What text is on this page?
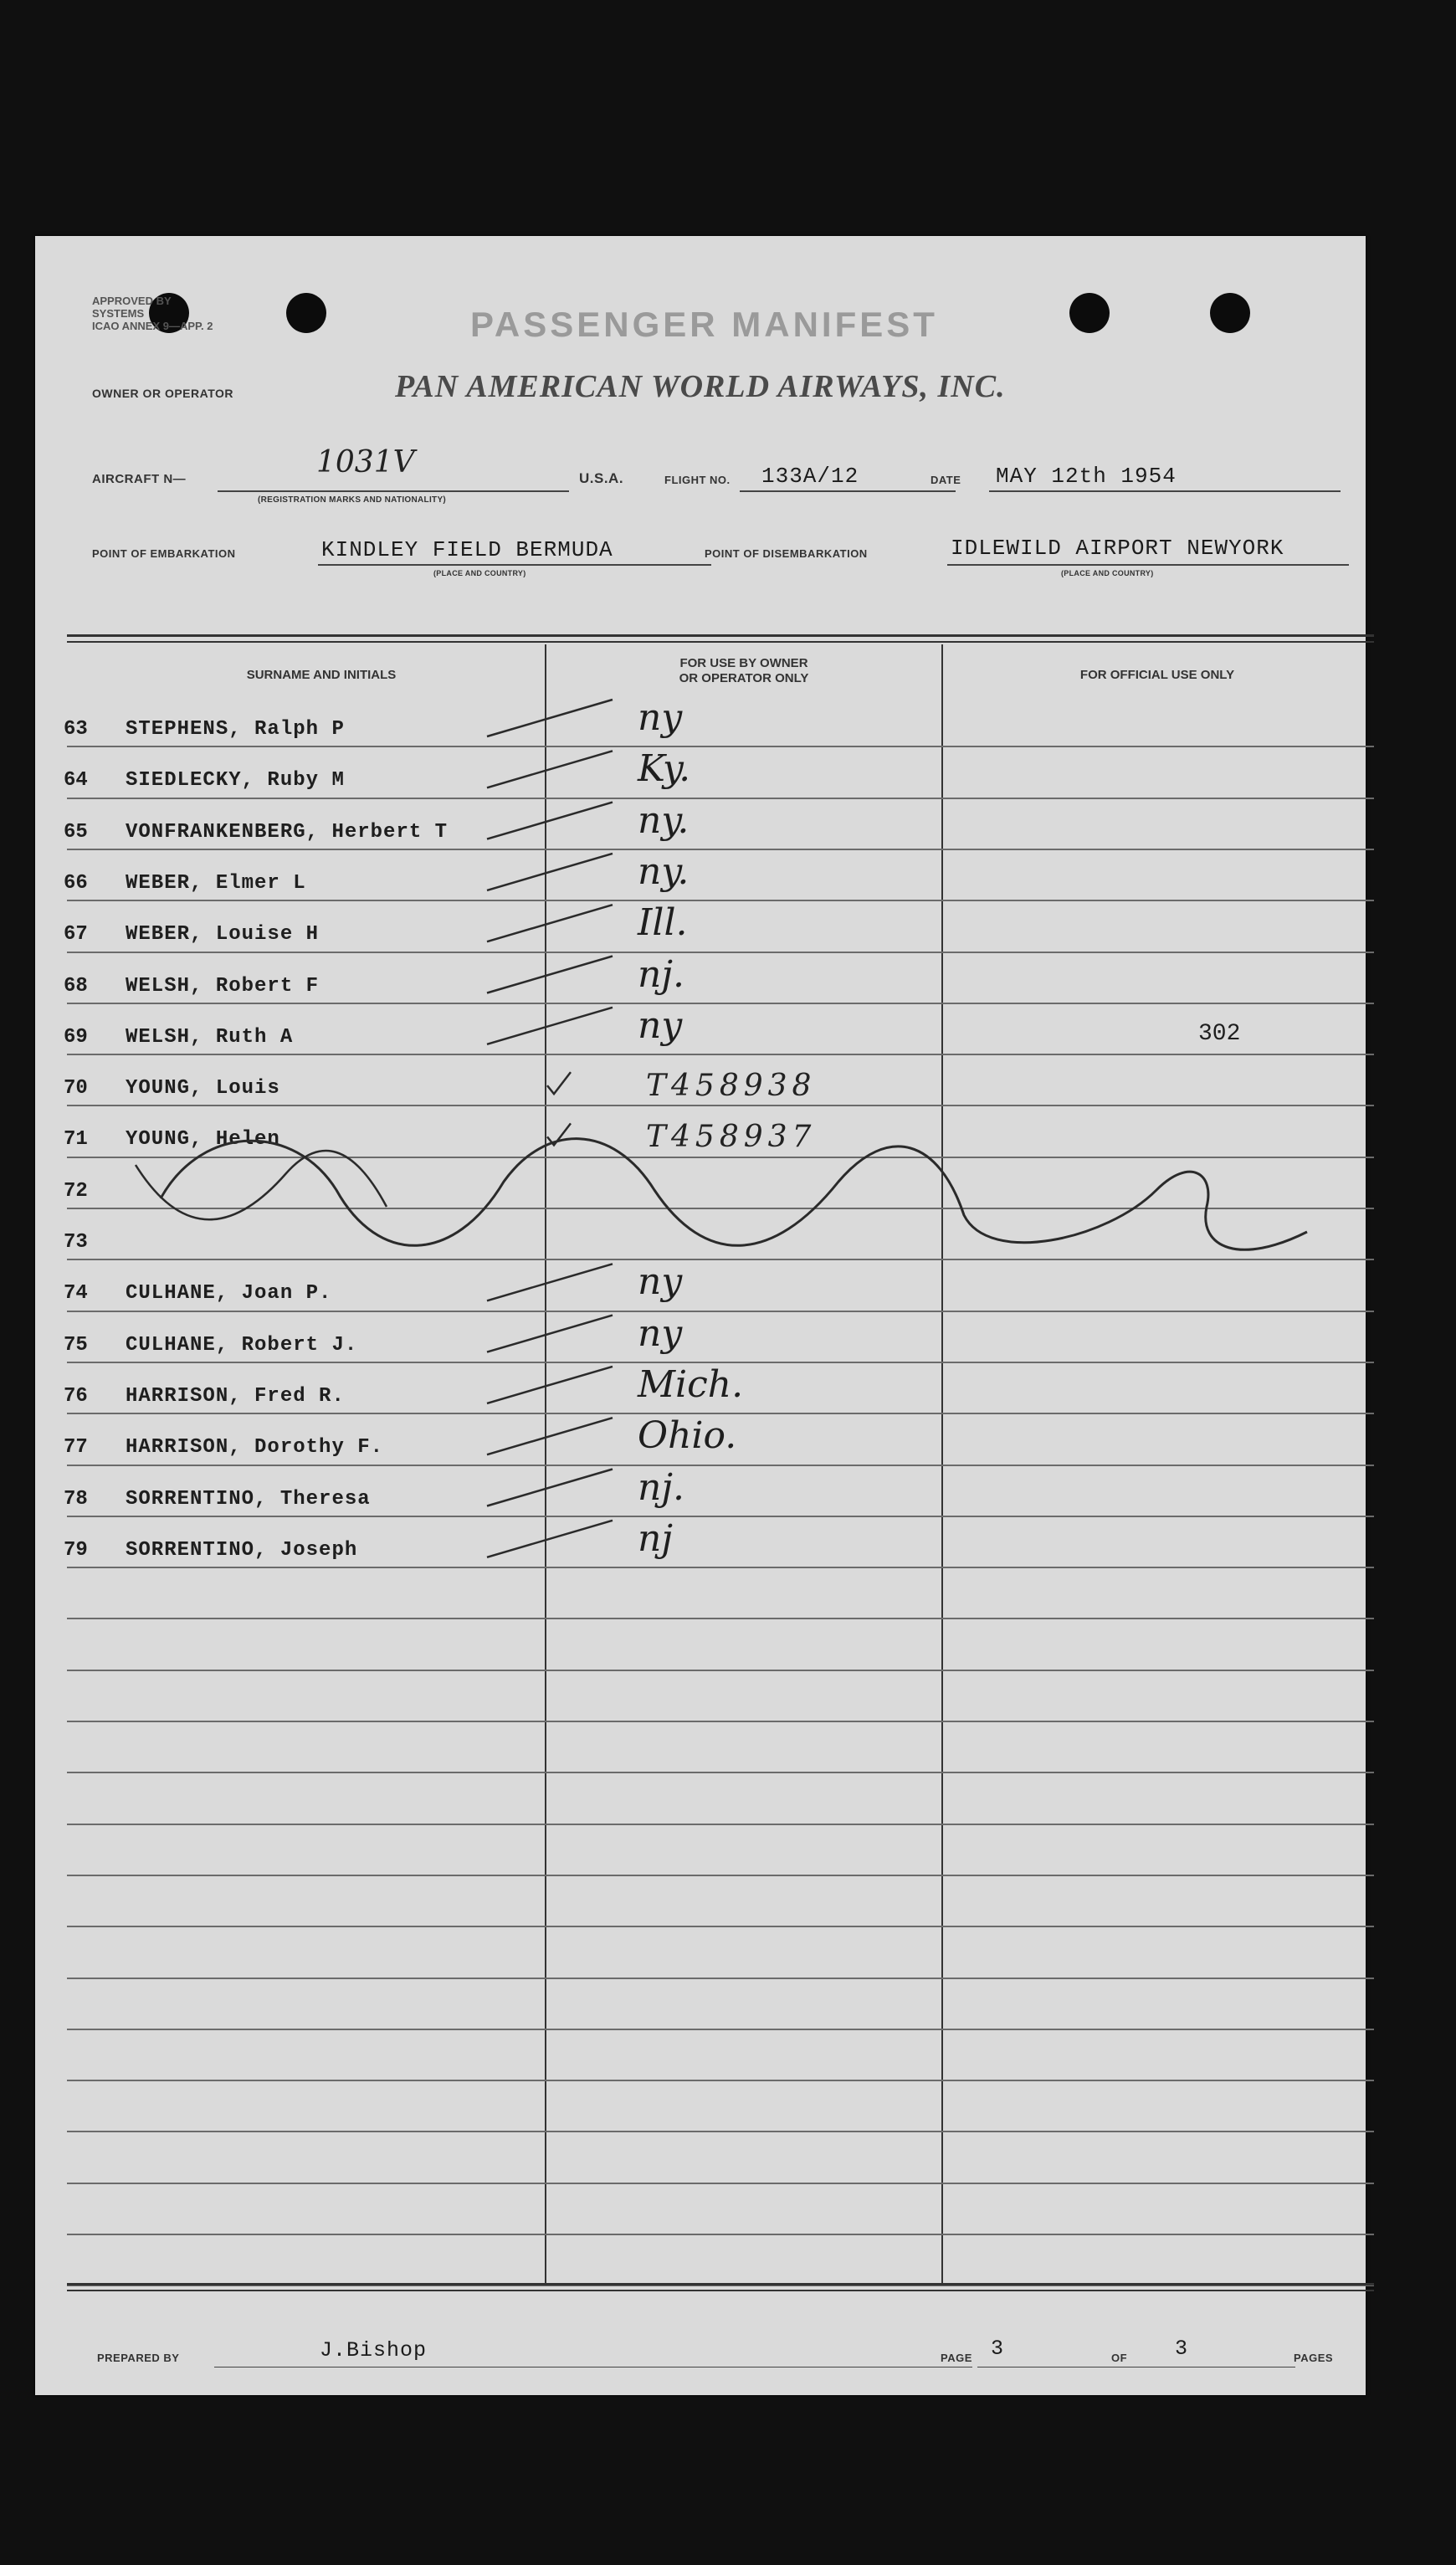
APPROVED BY
SYSTEMS
ICAO ANNEX 9—APP. 2	PASSENGER MANIFEST
OWNER OR OPERATOR	PAN AMERICAN WORLD AIRWAYS, INC.
AIRCRAFT N—	1031V
(REGISTRATION MARKS AND NATIONALITY)
U.S.A.	FLIGHT NO. 133A/12	DATE MAY 12th 1954
POINT OF EMBARKATION	KINDLEY FIELD BERMUDA
(PLACE AND COUNTRY)
POINT OF DISEMBARKATION	IDLEWILD AIRPORT NEWYORK
(PLACE AND COUNTRY)
SURNAME AND INITIALS
FOR USE BY OWNER
OR OPERATOR ONLY	FOR OFFICIAL USE ONLY
63	STEPHENS, Ralph P	ny
64	SIEDLECKY, Ruby M	Ky.
65	VONFRANKENBERG, Herbert T	ny.
66	WEBER, Elmer L	ny.
67	WEBER, Louise H	Ill.
68	WELSH, Robert F	nj.
69	WELSH, Ruth A	ny	302
70	YOUNG, Louis	T458938
71	YOUNG, Helen	T458937
72
73
74	CULHANE, Joan P.	ny
75	CULHANE, Robert J.	ny
76	HARRISON, Fred R.	Mich.
77	HARRISON, Dorothy F.	Ohio.
78	SORRENTINO, Theresa	nj.
79	SORRENTINO, Joseph	nj
PREPARED BY	J.Bishop	PAGE 3	OF 3	PAGES
